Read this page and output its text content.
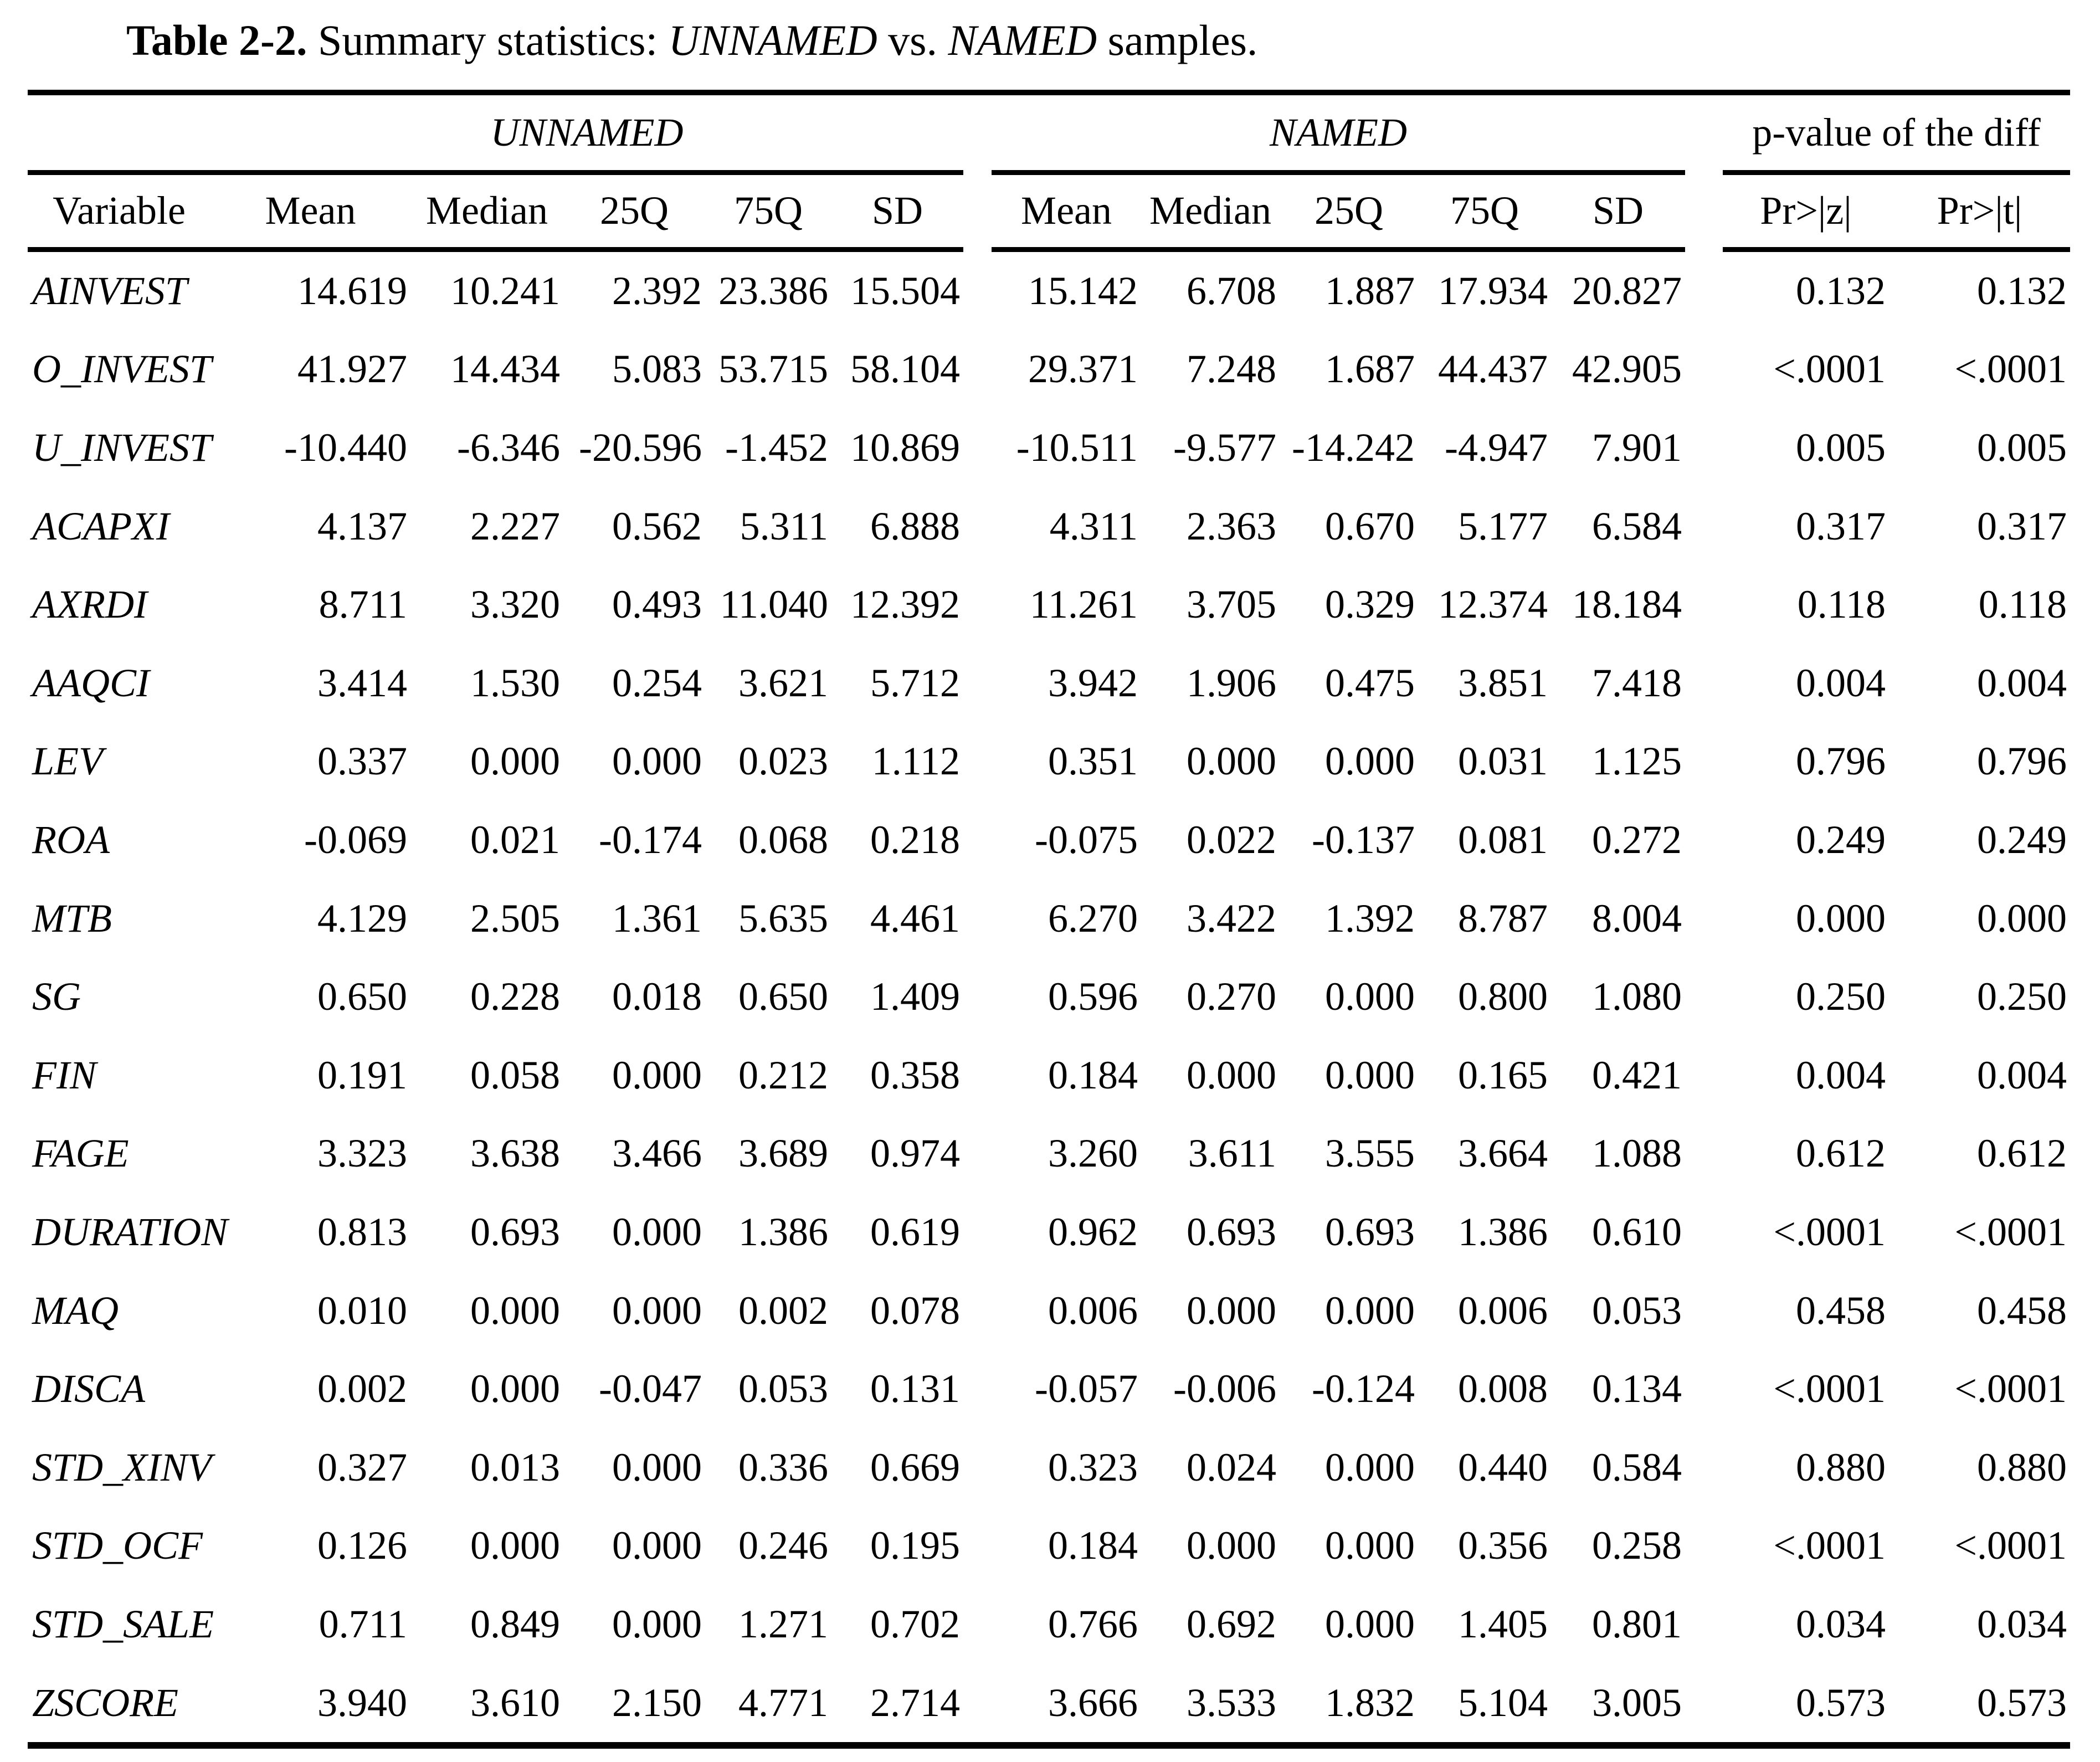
Table 2-2. Summary statistics: UNNAMED vs. NAMED samples.
	UNNAMED						NAMED						p-value of the diff	
Variable	Mean	Median	25Q	75Q	SD		Mean	Median	25Q	75Q	SD		Pr>|z|	Pr>|t|
AINVEST	14.619	10.241	2.392	23.386	15.504		15.142	6.708	1.887	17.934	20.827		0.132	0.132
O_INVEST	41.927	14.434	5.083	53.715	58.104		29.371	7.248	1.687	44.437	42.905		<.0001	<.0001
U_INVEST	-10.440	-6.346	-20.596	-1.452	10.869		-10.511	-9.577	-14.242	-4.947	7.901		0.005	0.005
ACAPXI	4.137	2.227	0.562	5.311	6.888		4.311	2.363	0.670	5.177	6.584		0.317	0.317
AXRDI	8.711	3.320	0.493	11.040	12.392		11.261	3.705	0.329	12.374	18.184		0.118	0.118
AAQCI	3.414	1.530	0.254	3.621	5.712		3.942	1.906	0.475	3.851	7.418		0.004	0.004
LEV	0.337	0.000	0.000	0.023	1.112		0.351	0.000	0.000	0.031	1.125		0.796	0.796
ROA	-0.069	0.021	-0.174	0.068	0.218		-0.075	0.022	-0.137	0.081	0.272		0.249	0.249
MTB	4.129	2.505	1.361	5.635	4.461		6.270	3.422	1.392	8.787	8.004		0.000	0.000
SG	0.650	0.228	0.018	0.650	1.409		0.596	0.270	0.000	0.800	1.080		0.250	0.250
FIN	0.191	0.058	0.000	0.212	0.358		0.184	0.000	0.000	0.165	0.421		0.004	0.004
FAGE	3.323	3.638	3.466	3.689	0.974		3.260	3.611	3.555	3.664	1.088		0.612	0.612
DURATION	0.813	0.693	0.000	1.386	0.619		0.962	0.693	0.693	1.386	0.610		<.0001	<.0001
MAQ	0.010	0.000	0.000	0.002	0.078		0.006	0.000	0.000	0.006	0.053		0.458	0.458
DISCA	0.002	0.000	-0.047	0.053	0.131		-0.057	-0.006	-0.124	0.008	0.134		<.0001	<.0001
STD_XINV	0.327	0.013	0.000	0.336	0.669		0.323	0.024	0.000	0.440	0.584		0.880	0.880
STD_OCF	0.126	0.000	0.000	0.246	0.195		0.184	0.000	0.000	0.356	0.258		<.0001	<.0001
STD_SALE	0.711	0.849	0.000	1.271	0.702		0.766	0.692	0.000	1.405	0.801		0.034	0.034
ZSCORE	3.940	3.610	2.150	4.771	2.714		3.666	3.533	1.832	5.104	3.005		0.573	0.573
